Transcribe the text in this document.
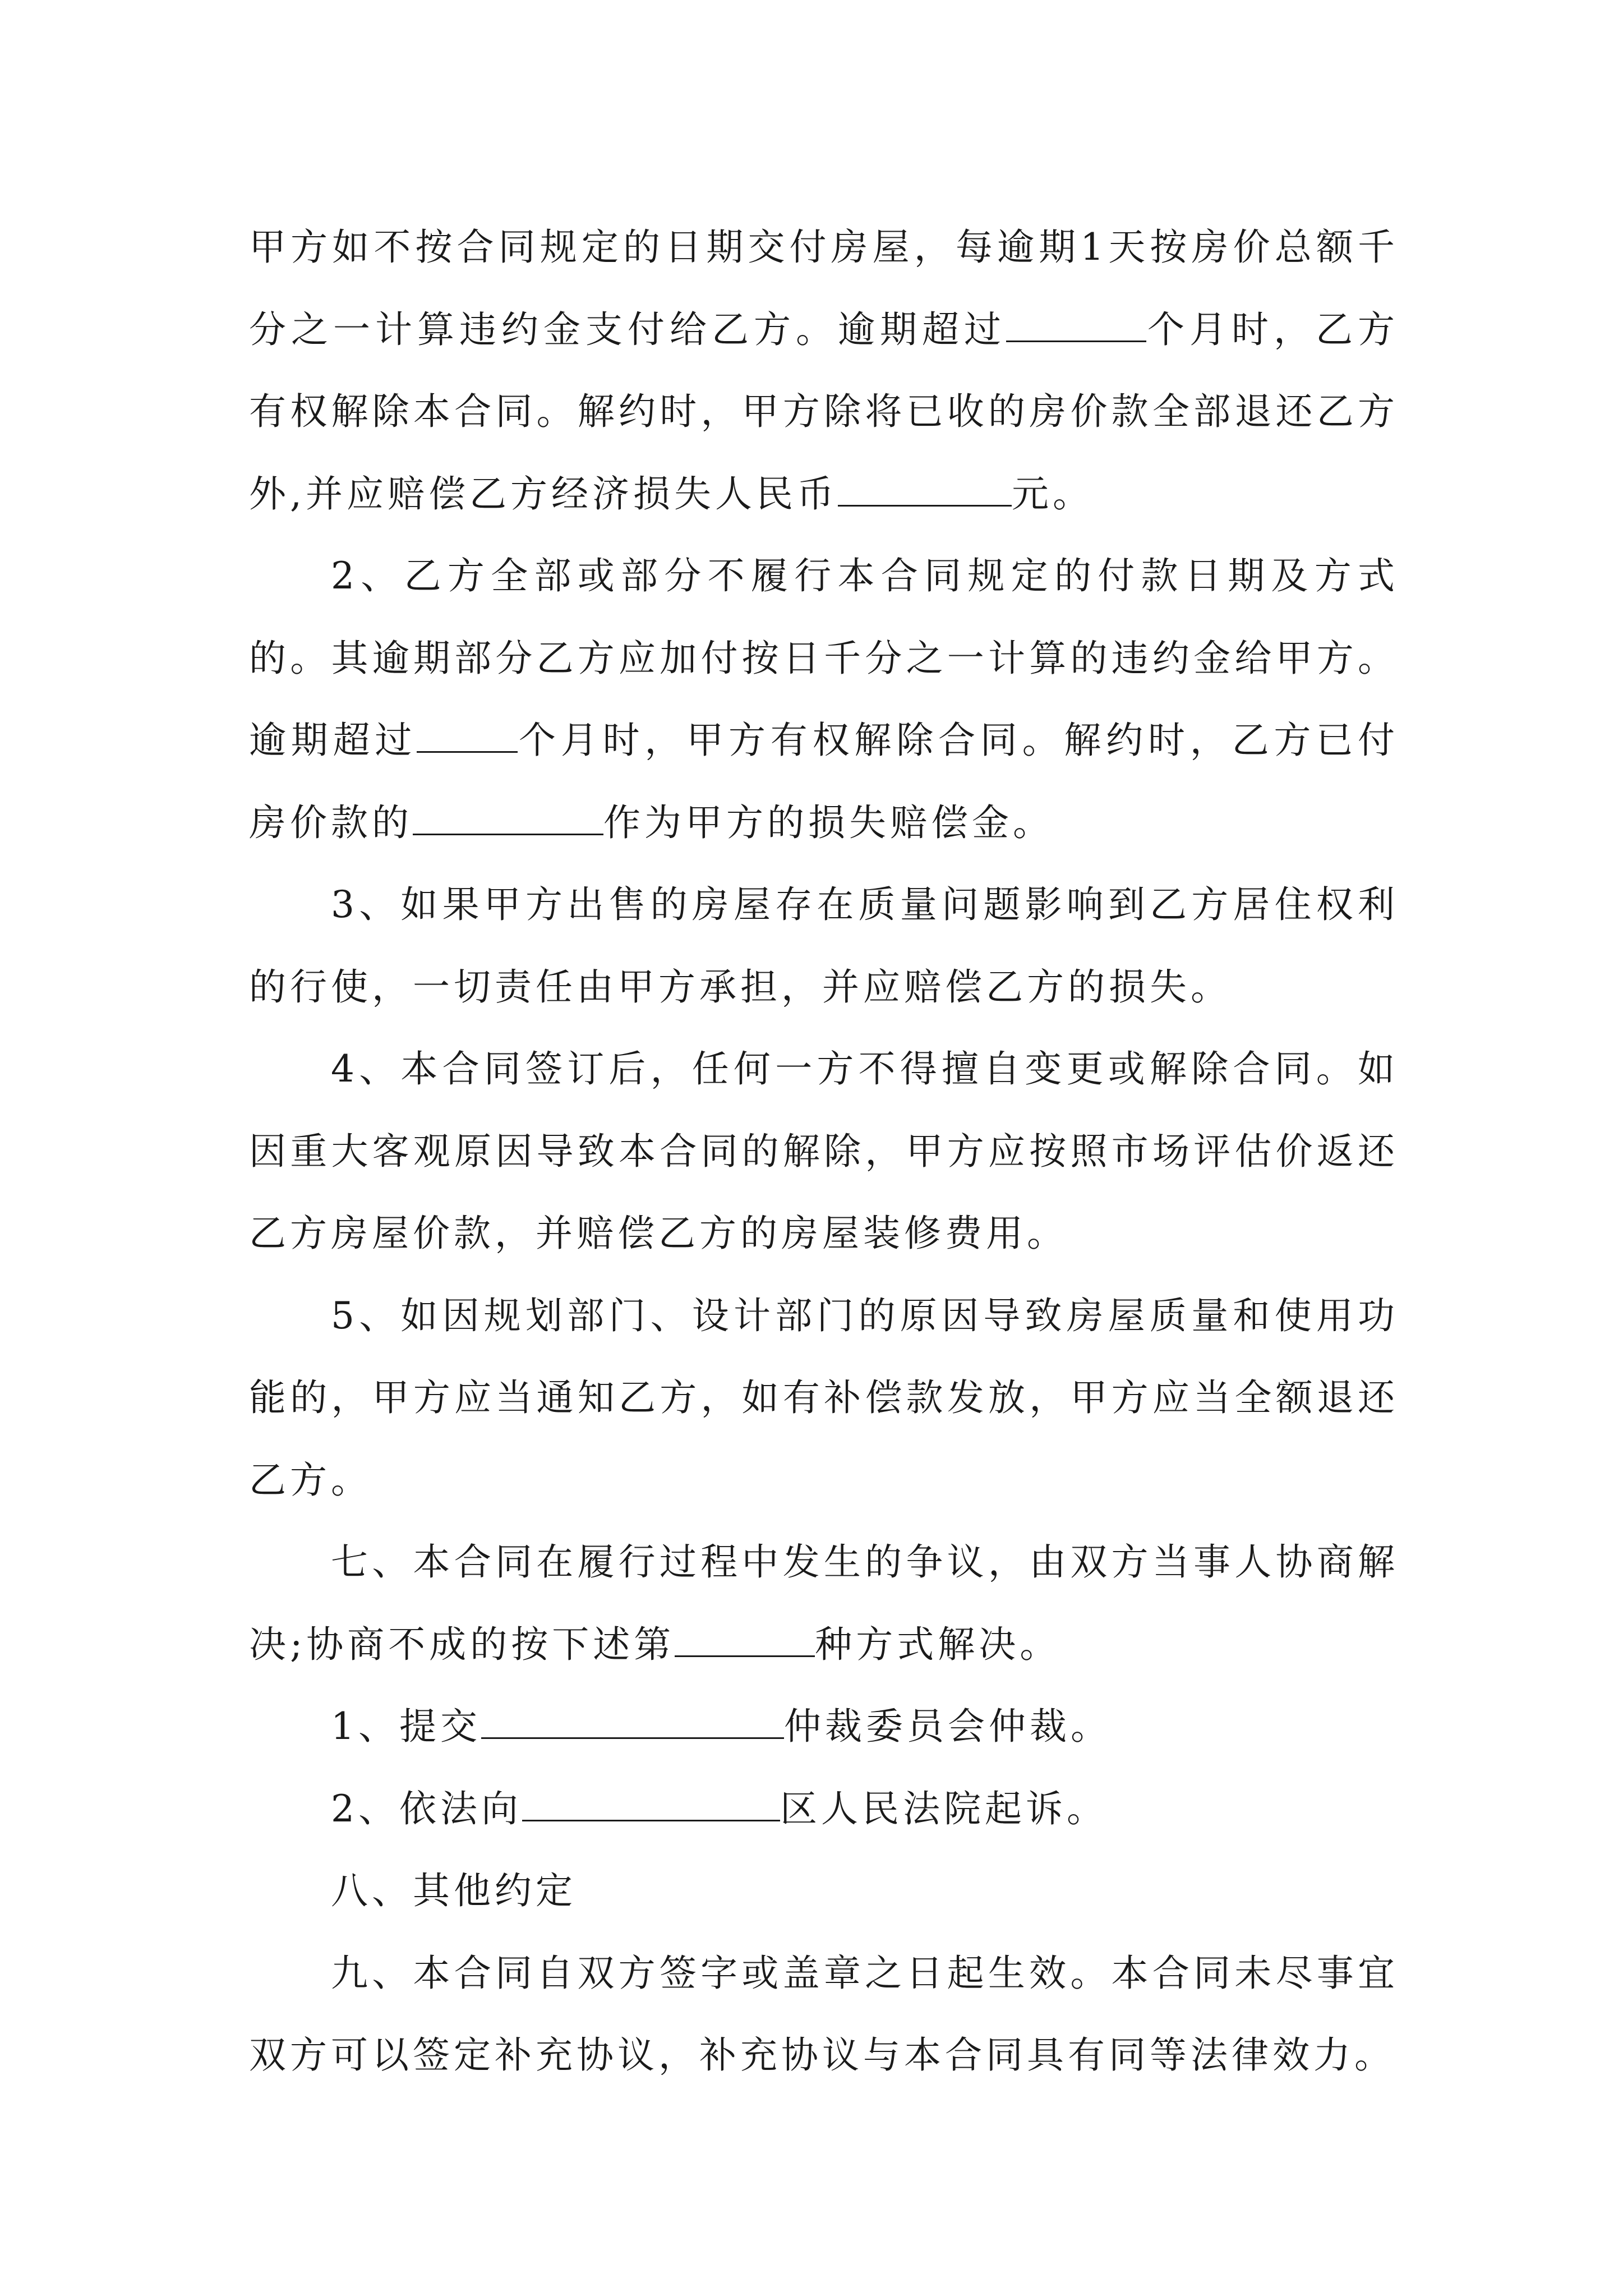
甲方如不按合同规定的日期交付房屋，每逾期1天按房价总额千分之一计算违约金支付给乙方。逾期超过	个月时，乙方有权解除本合同。解约时，甲方除将已收的房价款全部退还乙方外,并应赔偿乙方经济损失人民币	元。

2、乙方全部或部分不履行本合同规定的付款日期及方式的。其逾期部分乙方应加付按日千分之一计算的违约金给甲方。逾期超过	个月时，甲方有权解除合同。解约时，乙方已付房价款的	作为甲方的损失赔偿金。

3、如果甲方出售的房屋存在质量问题影响到乙方居住权利的行使，一切责任由甲方承担，并应赔偿乙方的损失。

4、本合同签订后，任何一方不得擅自变更或解除合同。如因重大客观原因导致本合同的解除，甲方应按照市场评估价返还乙方房屋价款，并赔偿乙方的房屋装修费用。

5、如因规划部门、设计部门的原因导致房屋质量和使用功能的，甲方应当通知乙方，如有补偿款发放，甲方应当全额退还乙方。

七、本合同在履行过程中发生的争议，由双方当事人协商解决;协商不成的按下述第	种方式解决。

1、提交	仲裁委员会仲裁。

2、依法向	区人民法院起诉。

八、其他约定

九、本合同自双方签字或盖章之日起生效。本合同未尽事宜双方可以签定补充协议，补充协议与本合同具有同等法律效力。
